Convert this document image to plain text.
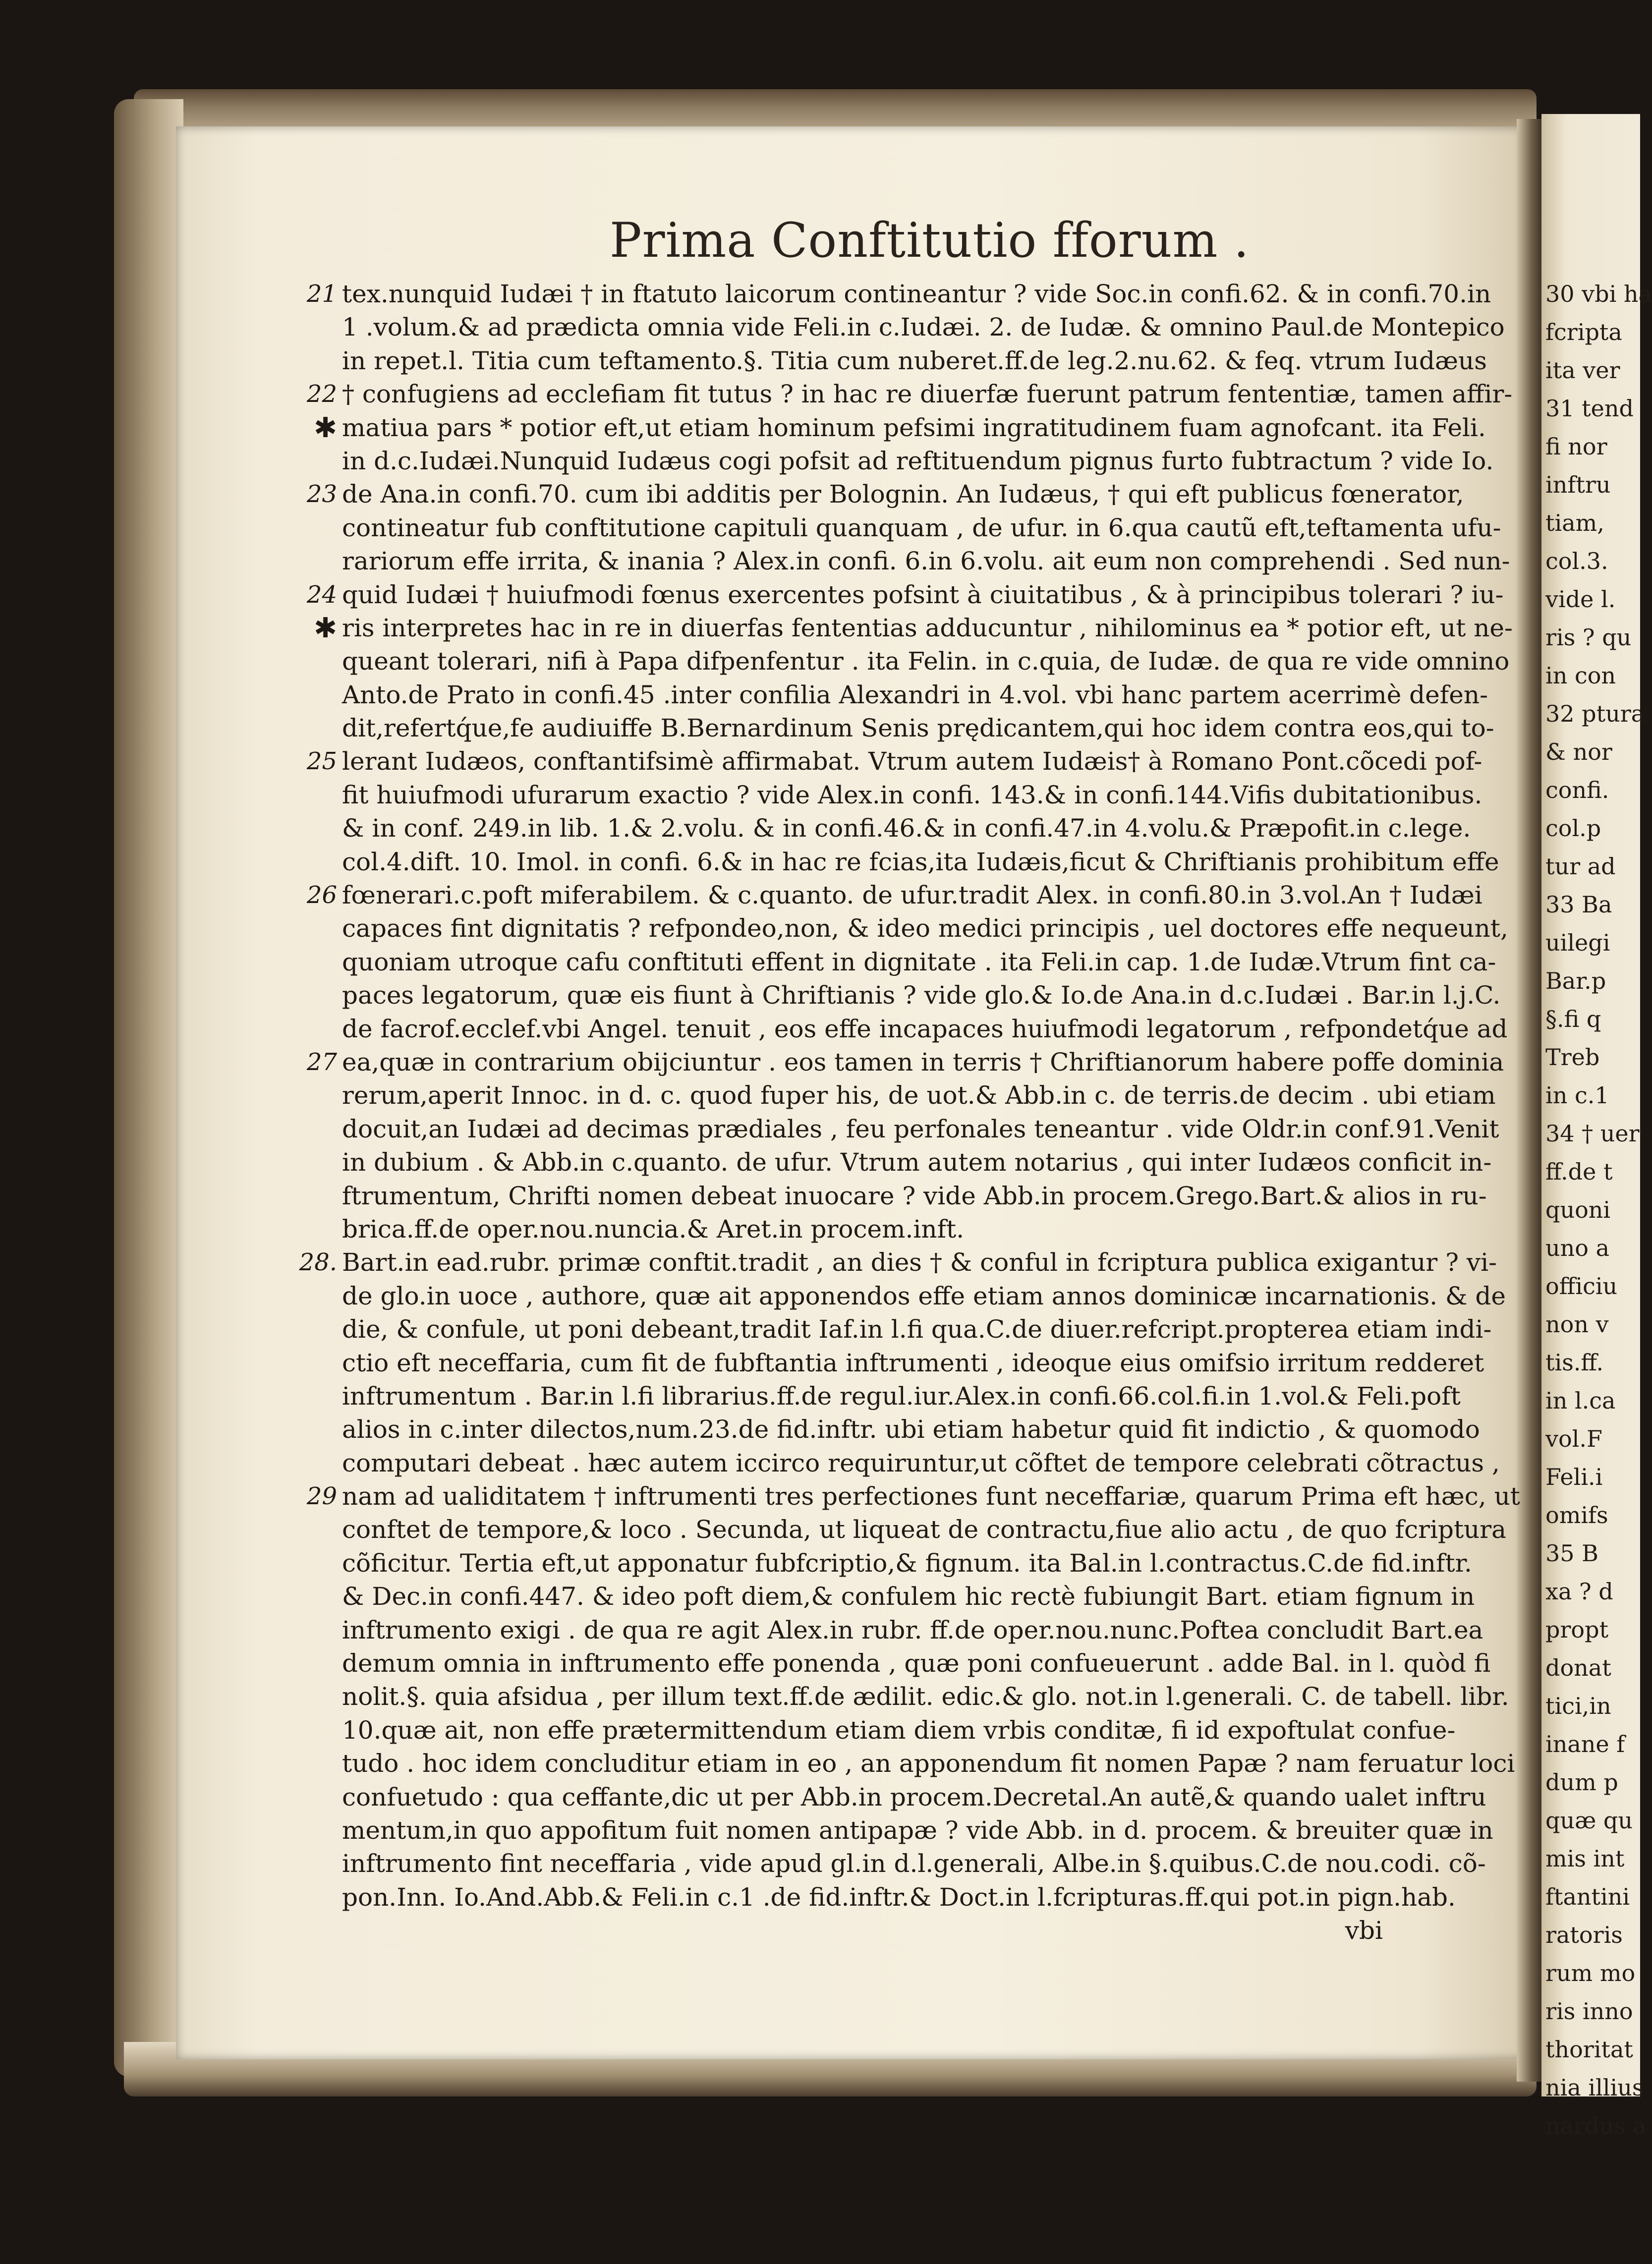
Prima Conftitutio fforum .
21 tex.nunquid Iudæi † in ftatuto laicorum contineantur ? vide Soc.in confi.62. & in confi.70.in
1 .volum.& ad prædicta omnia vide Feli.in c.Iudæi. 2. de Iudæ. & omnino Paul.de Montepico
in repet.l. Titia cum teftamento.§. Titia cum nuberet.ff.de leg.2.nu.62. & feq. vtrum Iudæus
22 † confugiens ad ecclefiam fit tutus ? in hac re diuerfæ fuerunt patrum fententiæ, tamen affir-
✱ matiua pars * potior eft,ut etiam hominum pefsimi ingratitudinem fuam agnofcant. ita Feli.
in d.c.Iudæi.Nunquid Iudæus cogi pofsit ad reftituendum pignus furto fubtractum ? vide Io.
23 de Ana.in confi.70. cum ibi additis per Bolognin. An Iudæus, † qui eft publicus fœnerator,
contineatur fub conftitutione capituli quanquam , de ufur. in 6.qua cautũ eft,teftamenta ufu-
rariorum effe irrita, & inania ? Alex.in confi. 6.in 6.volu. ait eum non comprehendi . Sed nun-
24 quid Iudæi † huiufmodi fœnus exercentes pofsint à ciuitatibus , & à principibus tolerari ? iu-
✱ ris interpretes hac in re in diuerfas fententias adducuntur , nihilominus ea * potior eft, ut ne-
queant tolerari, nifi à Papa difpenfentur . ita Felin. in c.quia, de Iudæ. de qua re vide omnino
Anto.de Prato in confi.45 .inter confilia Alexandri in 4.vol. vbi hanc partem acerrimè defen-
dit,refertq́ue,fe audiuiffe B.Bernardinum Senis prędicantem,qui hoc idem contra eos,qui to-
25 lerant Iudæos, conftantifsimè affirmabat. Vtrum autem Iudæis† à Romano Pont.cõcedi pof-
fit huiufmodi ufurarum exactio ? vide Alex.in confi. 143.& in confi.144.Vifis dubitationibus.
& in conf. 249.in lib. 1.& 2.volu. & in confi.46.& in confi.47.in 4.volu.& Præpofit.in c.lege.
col.4.dift. 10. Imol. in confi. 6.& in hac re fcias,ita Iudæis,ficut & Chriftianis prohibitum effe
26 fœnerari.c.poft miferabilem. & c.quanto. de ufur.tradit Alex. in confi.80.in 3.vol.An † Iudæi
capaces fint dignitatis ? refpondeo,non, & ideo medici principis , uel doctores effe nequeunt,
quoniam utroque cafu conftituti effent in dignitate . ita Feli.in cap. 1.de Iudæ.Vtrum fint ca-
paces legatorum, quæ eis fiunt à Chriftianis ? vide glo.& Io.de Ana.in d.c.Iudæi . Bar.in l.j.C.
de facrof.ecclef.vbi Angel. tenuit , eos effe incapaces huiufmodi legatorum , refpondetq́ue ad
27 ea,quæ in contrarium obijciuntur . eos tamen in terris † Chriftianorum habere poffe dominia
rerum,aperit Innoc. in d. c. quod fuper his, de uot.& Abb.in c. de terris.de decim . ubi etiam
docuit,an Iudæi ad decimas prædiales , feu perfonales teneantur . vide Oldr.in conf.91.Venit
in dubium . & Abb.in c.quanto. de ufur. Vtrum autem notarius , qui inter Iudæos conficit in-
ftrumentum, Chrifti nomen debeat inuocare ? vide Abb.in procem.Grego.Bart.& alios in ru-
brica.ff.de oper.nou.nuncia.& Aret.in procem.inft.
28. Bart.in ead.rubr. primæ conftit.tradit , an dies † & conful in fcriptura publica exigantur ? vi-
de glo.in uoce , authore, quæ ait apponendos effe etiam annos dominicæ incarnationis. & de
die, & confule, ut poni debeant,tradit Iaf.in l.fi qua.C.de diuer.refcript.propterea etiam indi-
ctio eft neceffaria, cum fit de fubftantia inftrumenti , ideoque eius omifsio irritum redderet
inftrumentum . Bar.in l.fi librarius.ff.de regul.iur.Alex.in confi.66.col.fi.in 1.vol.& Feli.poft
alios in c.inter dilectos,num.23.de fid.inftr. ubi etiam habetur quid fit indictio , & quomodo
computari debeat . hæc autem iccirco requiruntur,ut cõftet de tempore celebrati cõtractus ,
29 nam ad ualiditatem † inftrumenti tres perfectiones funt neceffariæ, quarum Prima eft hæc, ut
conftet de tempore,& loco . Secunda, ut liqueat de contractu,fiue alio actu , de quo fcriptura
cõficitur. Tertia eft,ut apponatur fubfcriptio,& fignum. ita Bal.in l.contractus.C.de fid.inftr.
& Dec.in confi.447. & ideo poft diem,& confulem hic rectè fubiungit Bart. etiam fignum in
inftrumento exigi . de qua re agit Alex.in rubr. ff.de oper.nou.nunc.Poftea concludit Bart.ea
demum omnia in inftrumento effe ponenda , quæ poni confueuerunt . adde Bal. in l. quòd fi
nolit.§. quia afsidua , per illum text.ff.de ædilit. edic.& glo. not.in l.generali. C. de tabell. libr.
10.quæ ait, non effe prætermittendum etiam diem vrbis conditæ, fi id expoftulat confue-
tudo . hoc idem concluditur etiam in eo , an apponendum fit nomen Papæ ? nam feruatur loci
confuetudo : qua ceffante,dic ut per Abb.in procem.Decretal.An autẽ,& quando ualet inftru
mentum,in quo appofitum fuit nomen antipapæ ? vide Abb. in d. procem. & breuiter quæ in
inftrumento fint neceffaria , vide apud gl.in d.l.generali, Albe.in §.quibus.C.de nou.codi. cõ-
pon.Inn. Io.And.Abb.& Feli.in c.1 .de fid.inftr.& Doct.in l.fcripturas.ff.qui pot.in pign.hab.
vbi
30 vbi ha
fcripta
ita ver
31 tend
fi nor
inftru
tiam,
col.3.
vide l.
ris ? qu
in con
32 ptura
& nor
confi.
col.p
tur ad
33 Ba
uilegi
Bar.p
§.fi q
Treb
in c.1
34 † uer
ff.de t
quoni
uno a
officiu
non v
tis.ff.
in l.ca
vol.F
Feli.i
omifs
35 B
xa ? d
propt
donat
tici,in
inane f
dum p
quæ qu
mis int
ftantini
ratoris
rum mo
ris inno
thoritat
nia illius
nardus a
